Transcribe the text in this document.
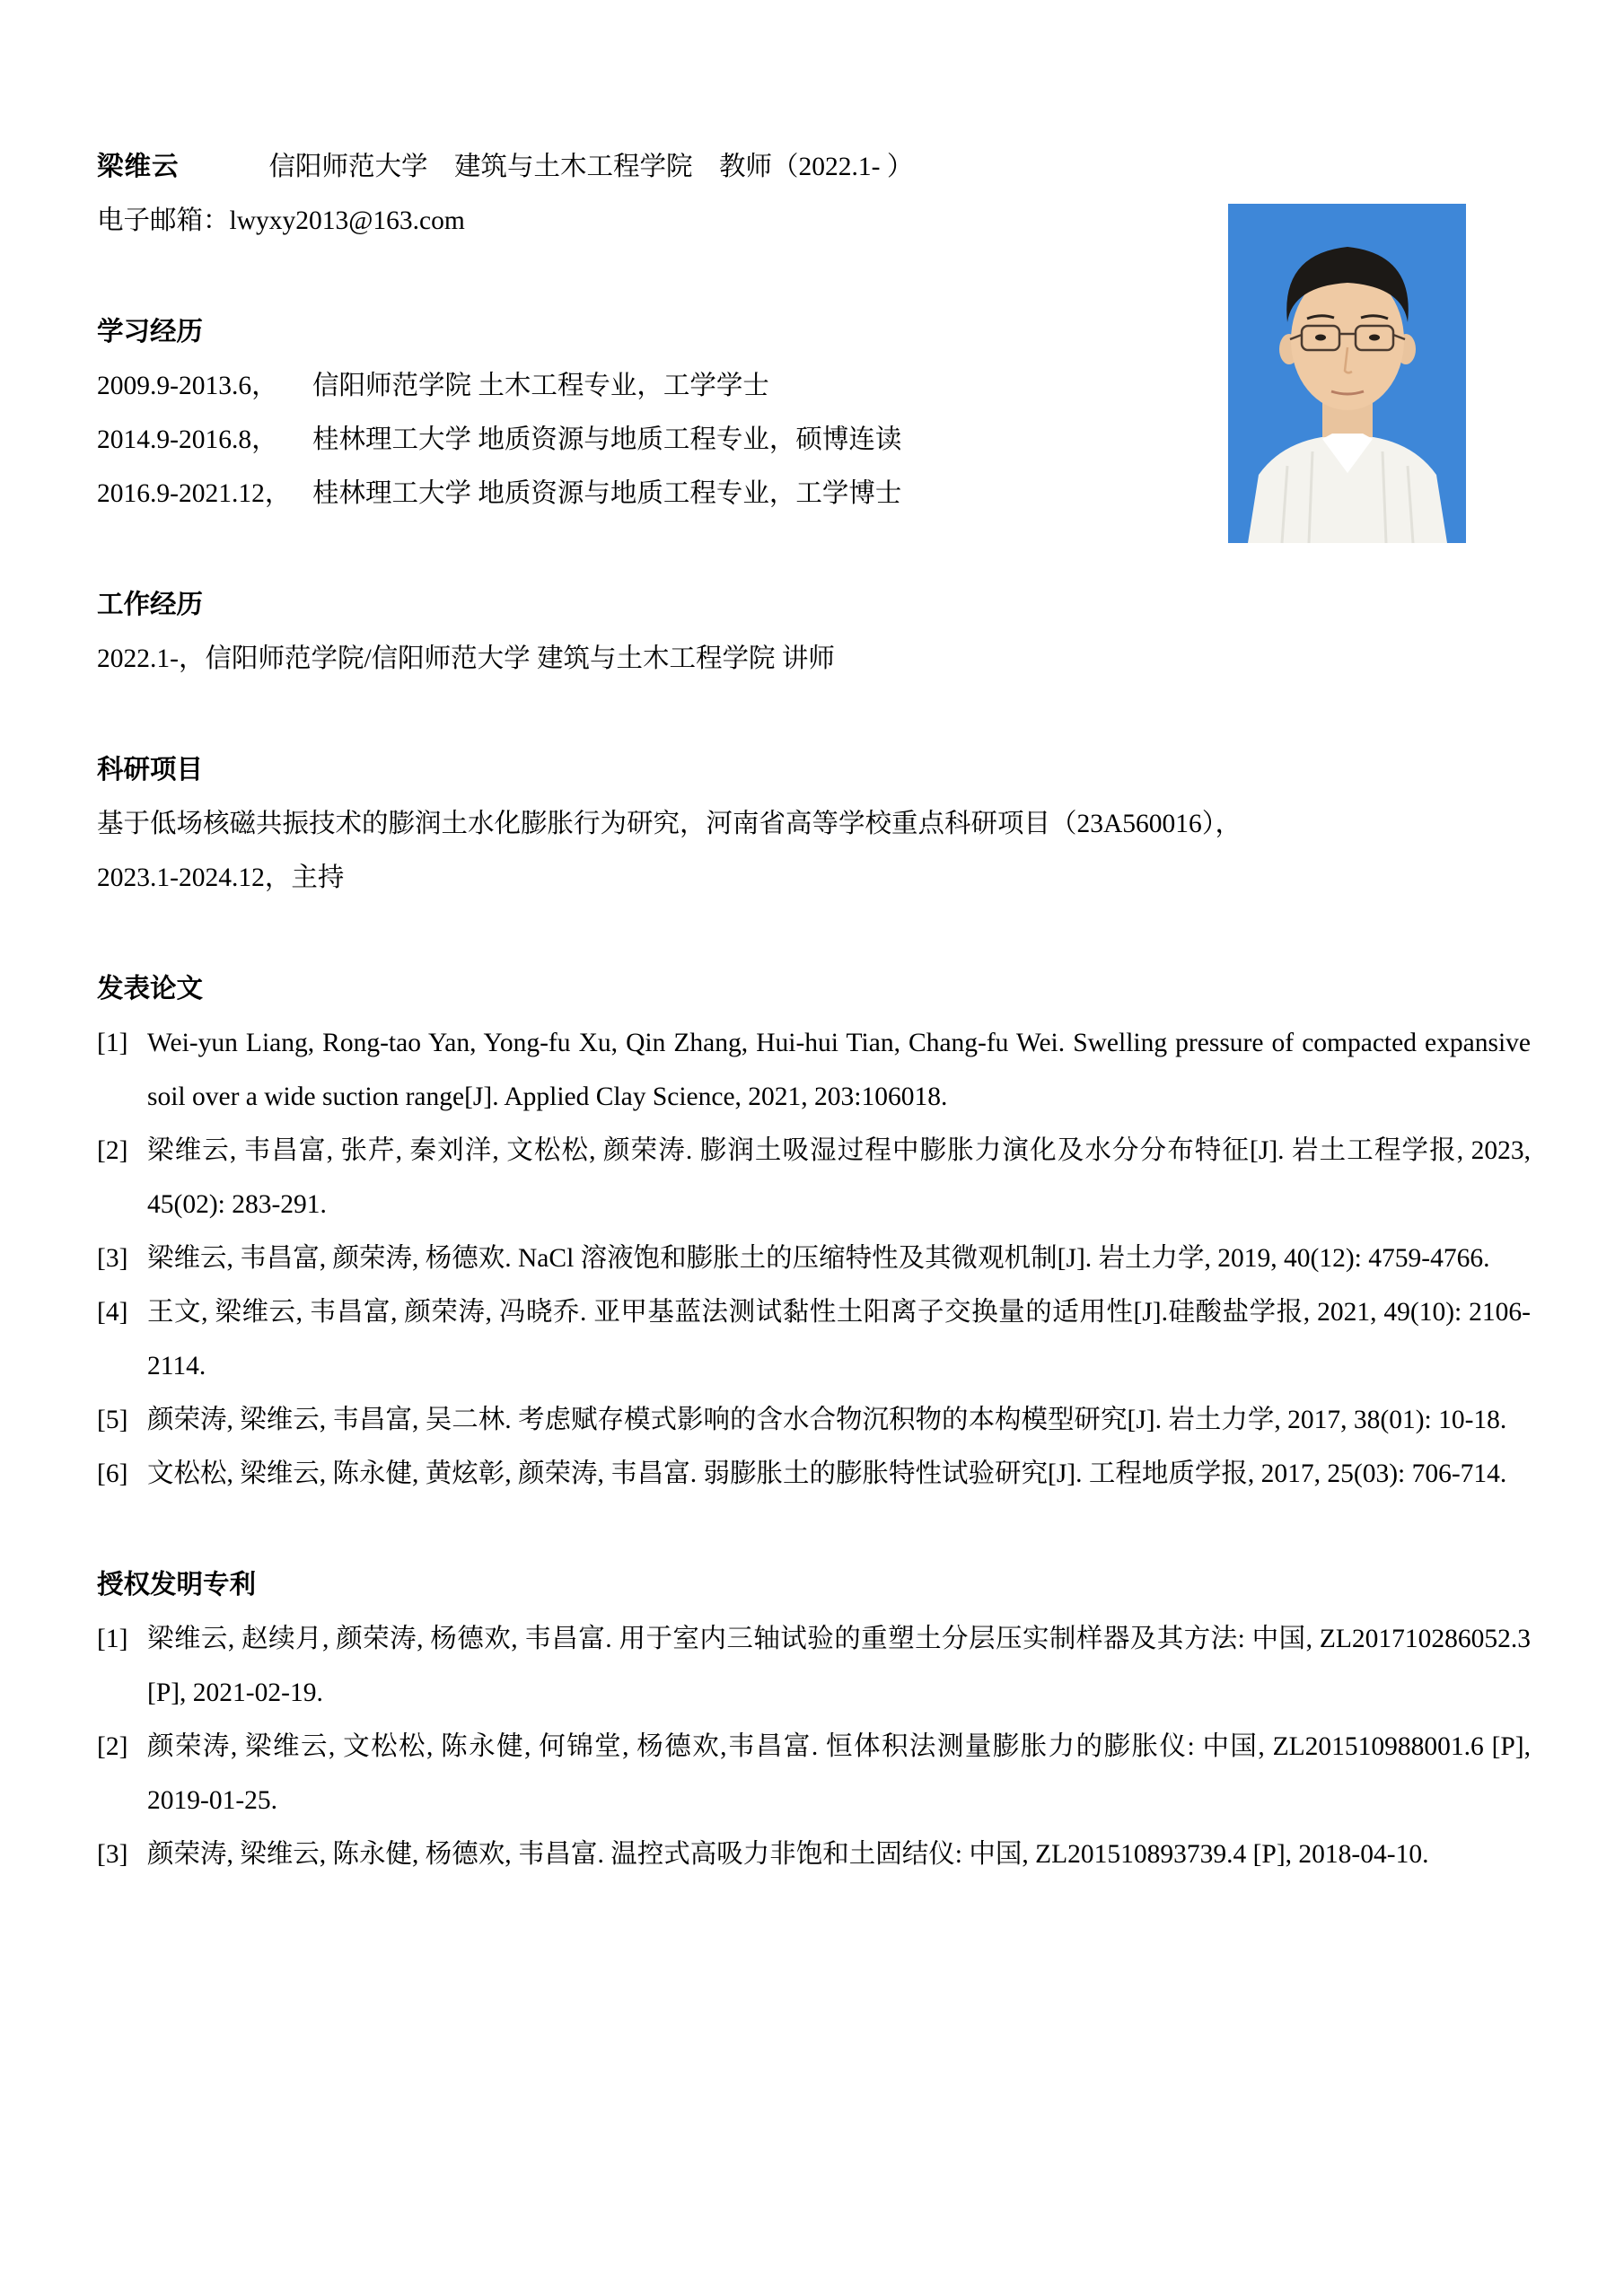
梁维云	信阳师范大学　建筑与土木工程学院　教师（2022.1- ）
电子邮箱：lwyxy2013@163.com
学习经历
2009.9-2013.6， 信阳师范学院 土木工程专业，工学学士
2014.9-2016.8， 桂林理工大学 地质资源与地质工程专业，硕博连读
2016.9-2021.12， 桂林理工大学 地质资源与地质工程专业，工学博士
工作经历
2022.1-，信阳师范学院/信阳师范大学 建筑与土木工程学院 讲师
科研项目
基于低场核磁共振技术的膨润土水化膨胀行为研究，河南省高等学校重点科研项目（23A560016），
2023.1-2024.12，主持
发表论文
[1] Wei-yun Liang, Rong-tao Yan, Yong-fu Xu, Qin Zhang, Hui-hui Tian, Chang-fu Wei. Swelling pressure of compacted expansive soil over a wide suction range[J]. Applied Clay Science, 2021, 203:106018.
[2] 梁维云, 韦昌富, 张芹, 秦刘洋, 文松松, 颜荣涛. 膨润土吸湿过程中膨胀力演化及水分分布特征[J]. 岩土工程学报, 2023, 45(02): 283-291.
[3] 梁维云, 韦昌富, 颜荣涛, 杨德欢. NaCl 溶液饱和膨胀土的压缩特性及其微观机制[J]. 岩土力学, 2019, 40(12): 4759-4766.
[4] 王文, 梁维云, 韦昌富, 颜荣涛, 冯晓乔. 亚甲基蓝法测试黏性土阳离子交换量的适用性[J].硅酸盐学报, 2021, 49(10): 2106-2114.
[5] 颜荣涛, 梁维云, 韦昌富, 吴二林. 考虑赋存模式影响的含水合物沉积物的本构模型研究[J]. 岩土力学, 2017, 38(01): 10-18.
[6] 文松松, 梁维云, 陈永健, 黄炫彰, 颜荣涛, 韦昌富. 弱膨胀土的膨胀特性试验研究[J]. 工程地质学报, 2017, 25(03): 706-714.
授权发明专利
[1] 梁维云, 赵续月, 颜荣涛, 杨德欢, 韦昌富. 用于室内三轴试验的重塑土分层压实制样器及其方法: 中国, ZL201710286052.3 [P], 2021-02-19.
[2] 颜荣涛, 梁维云, 文松松, 陈永健, 何锦堂, 杨德欢,韦昌富. 恒体积法测量膨胀力的膨胀仪: 中国, ZL201510988001.6 [P], 2019-01-25.
[3] 颜荣涛, 梁维云, 陈永健, 杨德欢, 韦昌富. 温控式高吸力非饱和土固结仪: 中国, ZL201510893739.4 [P], 2018-04-10.
